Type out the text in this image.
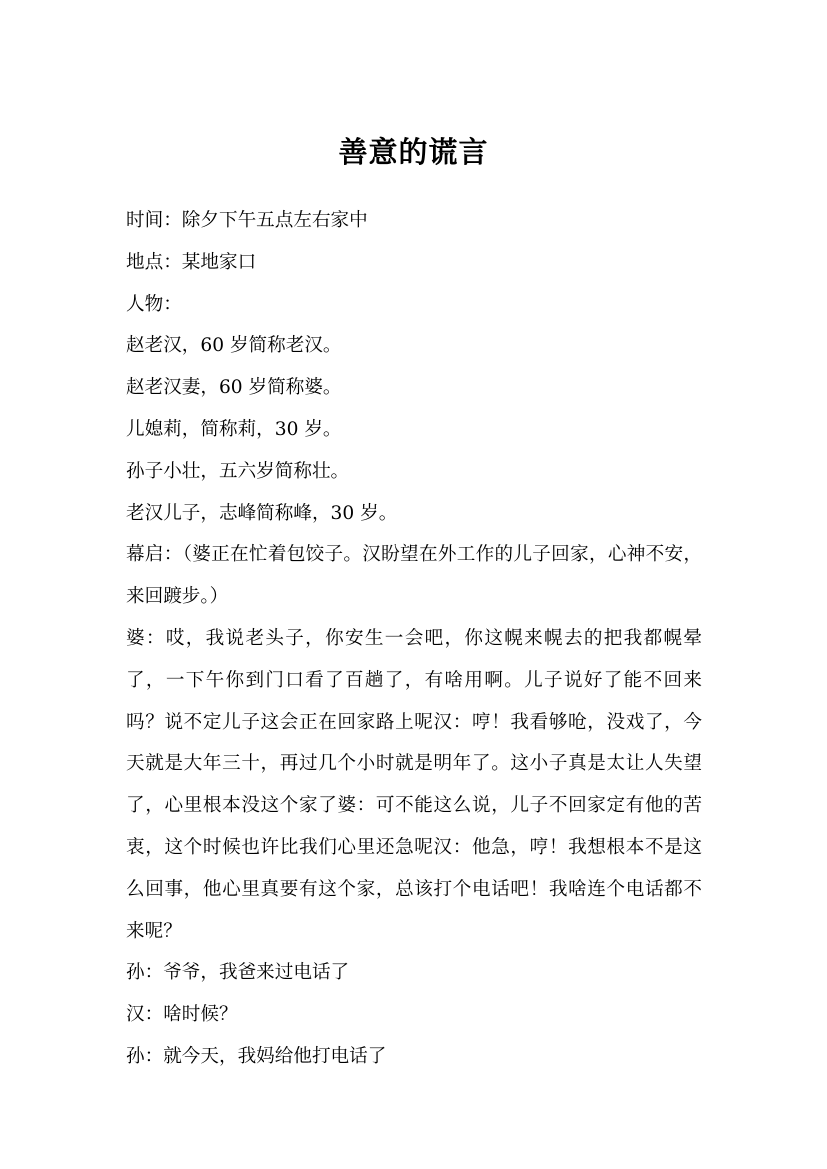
善意的谎言

时间：除夕下午五点左右家中

地点：某地家口

人物：

赵老汉，60 岁简称老汉。

赵老汉妻，60 岁简称婆。

儿媳莉，简称莉，30 岁。

孙子小壮，五六岁简称壮。

老汉儿子，志峰简称峰，30 岁。

幕启：（婆正在忙着包饺子。汉盼望在外工作的儿子回家，心神不安，来回踱步。）

婆：哎，我说老头子，你安生一会吧，你这幌来幌去的把我都幌晕了，一下午你到门口看了百趟了，有啥用啊。儿子说好了能不回来吗？说不定儿子这会正在回家路上呢汉：哼！我看够呛，没戏了，今天就是大年三十，再过几个小时就是明年了。这小子真是太让人失望了，心里根本没这个家了婆：可不能这么说，儿子不回家定有他的苦衷，这个时候也许比我们心里还急呢汉：他急，哼！我想根本不是这么回事，他心里真要有这个家，总该打个电话吧！我啥连个电话都不来呢？

孙：爷爷，我爸来过电话了

汉：啥时候？

孙：就今天，我妈给他打电话了
